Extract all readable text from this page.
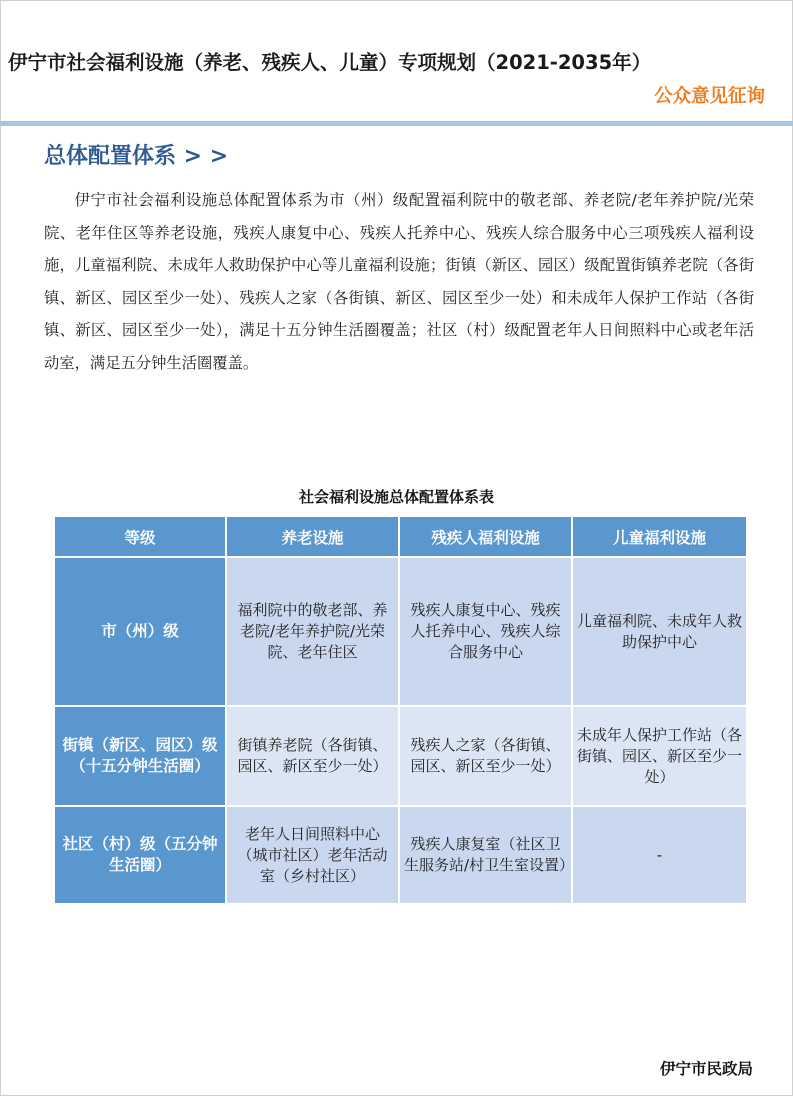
伊宁市社会福利设施（养老、残疾人、儿童）专项规划（2021-2035年）
公众意见征询
总体配置体系 > >

伊宁市社会福利设施总体配置体系为市（州）级配置福利院中的敬老部、养老院/老年养护院/光荣院、老年住区等养老设施，残疾人康复中心、残疾人托养中心、残疾人综合服务中心三项残疾人福利设施，儿童福利院、未成年人救助保护中心等儿童福利设施；街镇（新区、园区）级配置街镇养老院（各街镇、新区、园区至少一处）、残疾人之家（各街镇、新区、园区至少一处）和未成年人保护工作站（各街镇、新区、园区至少一处），满足十五分钟生活圈覆盖；社区（村）级配置老年人日间照料中心或老年活动室，满足五分钟生活圈覆盖。

社会福利设施总体配置体系表
等级	养老设施	残疾人福利设施	儿童福利设施
市（州）级	福利院中的敬老部、养老院/老年养护院/光荣院、老年住区	残疾人康复中心、残疾人托养中心、残疾人综合服务中心	儿童福利院、未成年人救助保护中心
街镇（新区、园区）级（十五分钟生活圈）	街镇养老院（各街镇、园区、新区至少一处）	残疾人之家（各街镇、园区、新区至少一处）	未成年人保护工作站（各街镇、园区、新区至少一处）
社区（村）级（五分钟生活圈）	老年人日间照料中心（城市社区）老年活动室（乡村社区）	残疾人康复室（社区卫生服务站/村卫生室设置）	-
伊宁市民政局
